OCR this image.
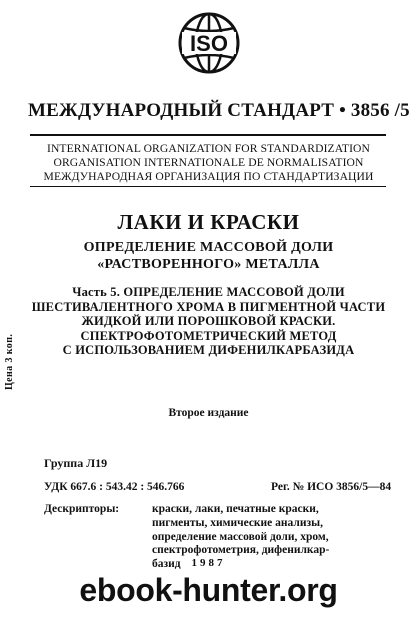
ISO
МЕЖДУНАРОДНЫЙ СТАНДАРТ • 3856 /5
INTERNATIONAL ORGANIZATION FOR STANDARDIZATION
ORGANISATION INTERNATIONALE DE NORMALISATION
МЕЖДУНАРОДНАЯ ОРГАНИЗАЦИЯ ПО СТАНДАРТИЗАЦИИ
ЛАКИ И КРАСКИ
ОПРЕДЕЛЕНИЕ МАССОВОЙ ДОЛИ
«РАСТВОРЕННОГО» МЕТАЛЛА
Часть 5. ОПРЕДЕЛЕНИЕ МАССОВОЙ ДОЛИ
ШЕСТИВАЛЕНТНОГО ХРОМА В ПИГМЕНТНОЙ ЧАСТИ
ЖИДКОЙ ИЛИ ПОРОШКОВОЙ КРАСКИ.
СПЕКТРОФОТОМЕТРИЧЕСКИЙ МЕТОД
С ИСПОЛЬЗОВАНИЕМ ДИФЕНИЛКАРБАЗИДА
Цена 3 коп.
Второе издание
Группа Л19
УДК 667.6 : 543.42 : 546.766	Рег. № ИСО 3856/5—84
Дескрипторы:	краски, лаки, печатные краски,
пигменты, химические анализы,
определение массовой доли, хром,
спектрофотометрия, дифенилкар-
базид 1987
ebook-hunter.org
